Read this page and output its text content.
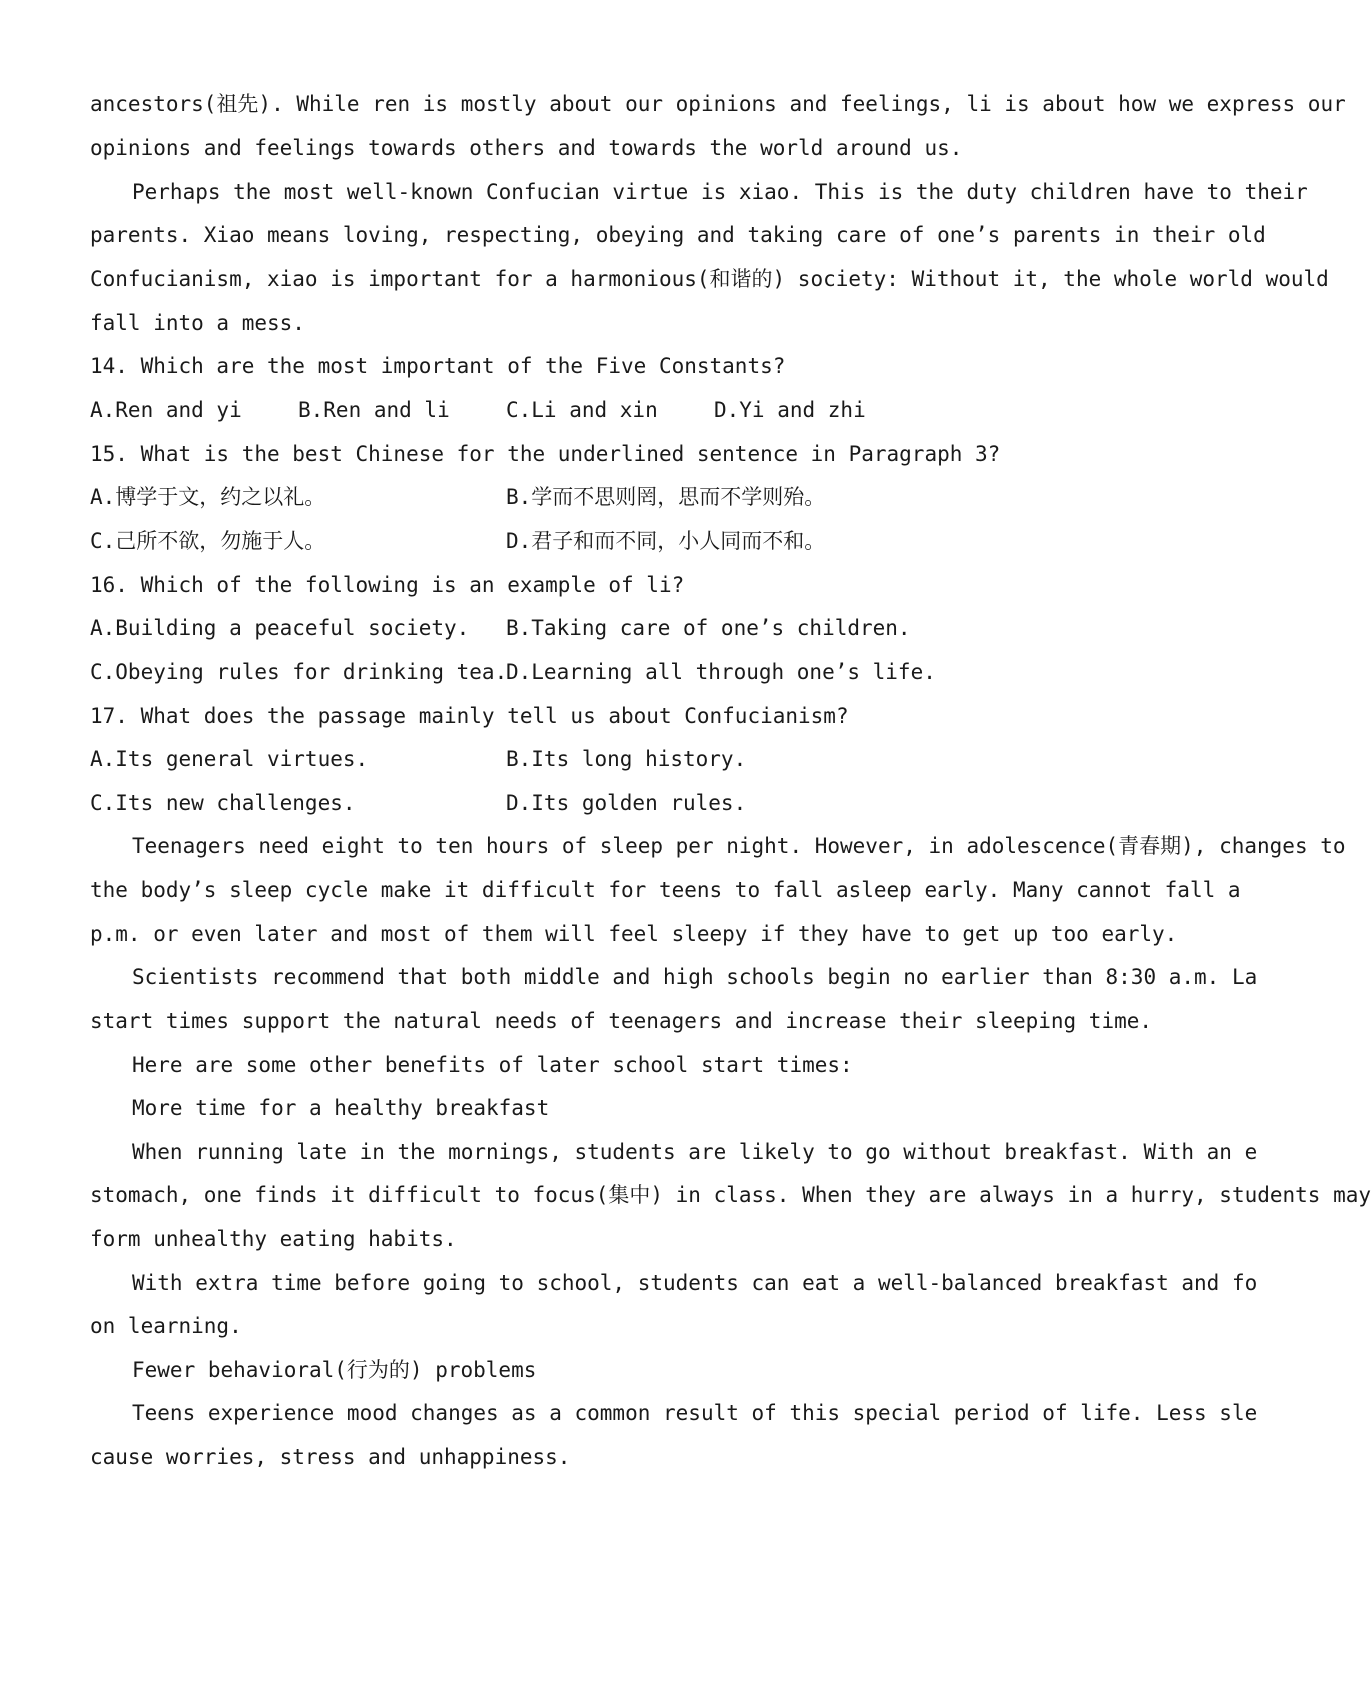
ancestors(祖先). While ren is mostly about our opinions and feelings, li is about how we express our
opinions and feelings towards others and towards the world around us.
Perhaps the most well-known Confucian virtue is xiao. This is the duty children have to their
parents. Xiao means loving, respecting, obeying and taking care of one’s parents in their old
Confucianism, xiao is important for a harmonious(和谐的) society: Without it, the whole world would
fall into a mess.
14. Which are the most important of the Five Constants?
A.Ren and yi	B.Ren and li	C.Li and xin	D.Yi and zhi
15. What is the best Chinese for the underlined sentence in Paragraph 3?
A.博学于文，约之以礼。	B.学而不思则罔，思而不学则殆。
C.己所不欲，勿施于人。	D.君子和而不同，小人同而不和。
16. Which of the following is an example of li?
A.Building a peaceful society.	B.Taking care of one’s children.
C.Obeying rules for drinking tea.
D.Learning all through one’s life.
17. What does the passage mainly tell us about Confucianism?
A.Its general virtues.	B.Its long history.
C.Its new challenges.	D.Its golden rules.
Teenagers need eight to ten hours of sleep per night. However, in adolescence(青春期), changes to
the body’s sleep cycle make it difficult for teens to fall asleep early. Many cannot fall a
p.m. or even later and most of them will feel sleepy if they have to get up too early.
Scientists recommend that both middle and high schools begin no earlier than 8:30 a.m. La
start times support the natural needs of teenagers and increase their sleeping time.
Here are some other benefits of later school start times:
More time for a healthy breakfast
When running late in the mornings, students are likely to go without breakfast. With an e
stomach, one finds it difficult to focus(集中) in class. When they are always in a hurry, students may
form unhealthy eating habits.
With extra time before going to school, students can eat a well-balanced breakfast and fo
on learning.
Fewer behavioral(行为的) problems
Teens experience mood changes as a common result of this special period of life. Less sle
cause worries, stress and unhappiness.
